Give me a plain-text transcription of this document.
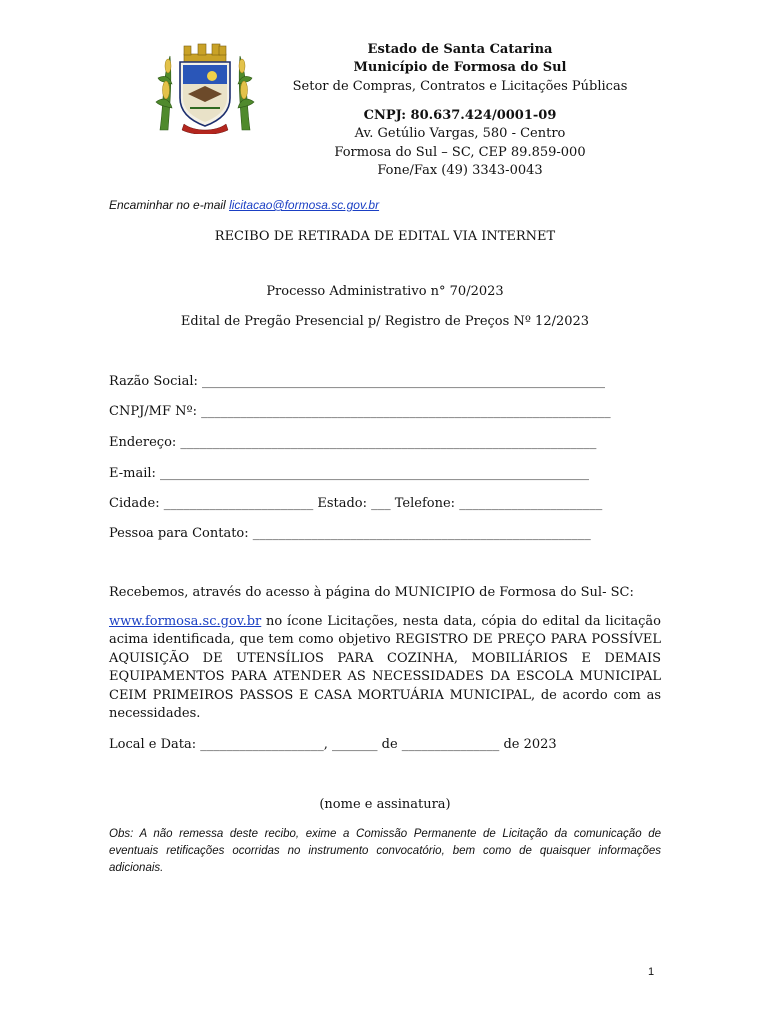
Estado de Santa Catarina
Município de Formosa do Sul
Setor de Compras, Contratos e Licitações Públicas
CNPJ: 80.637.424/0001-09
Av. Getúlio Vargas, 580 - Centro
Formosa do Sul – SC, CEP 89.859-000
Fone/Fax (49) 3343-0043
Encaminhar no e-mail licitacao@formosa.sc.gov.br
RECIBO DE RETIRADA DE EDITAL VIA INTERNET
Processo Administrativo n° 70/2023
Edital de Pregão Presencial p/ Registro de Preços Nº 12/2023
Razão Social: ______________________________________________________________
CNPJ/MF Nº: _______________________________________________________________
Endereço: ________________________________________________________________
E-mail: __________________________________________________________________
Cidade: _______________________ Estado: ___ Telefone: ______________________
Pessoa para Contato: ____________________________________________________
Recebemos, através do acesso à página do MUNICIPIO de Formosa do Sul- SC:
www.formosa.sc.gov.br no ícone Licitações, nesta data, cópia do edital da licitação acima identificada, que tem como objetivo REGISTRO DE PREÇO PARA POSSÍVEL AQUISIÇÃO DE UTENSÍLIOS PARA COZINHA, MOBILIÁRIOS E DEMAIS EQUIPAMENTOS PARA ATENDER AS NECESSIDADES DA ESCOLA MUNICIPAL CEIM PRIMEIROS PASSOS E CASA MORTUÁRIA MUNICIPAL, de acordo com as necessidades.
Local e Data: ___________________, _______ de _______________ de 2023
(nome e assinatura)
Obs: A não remessa deste recibo, exime a Comissão Permanente de Licitação da comunicação de eventuais retificações ocorridas no instrumento convocatório, bem como de quaisquer informações adicionais.
1
